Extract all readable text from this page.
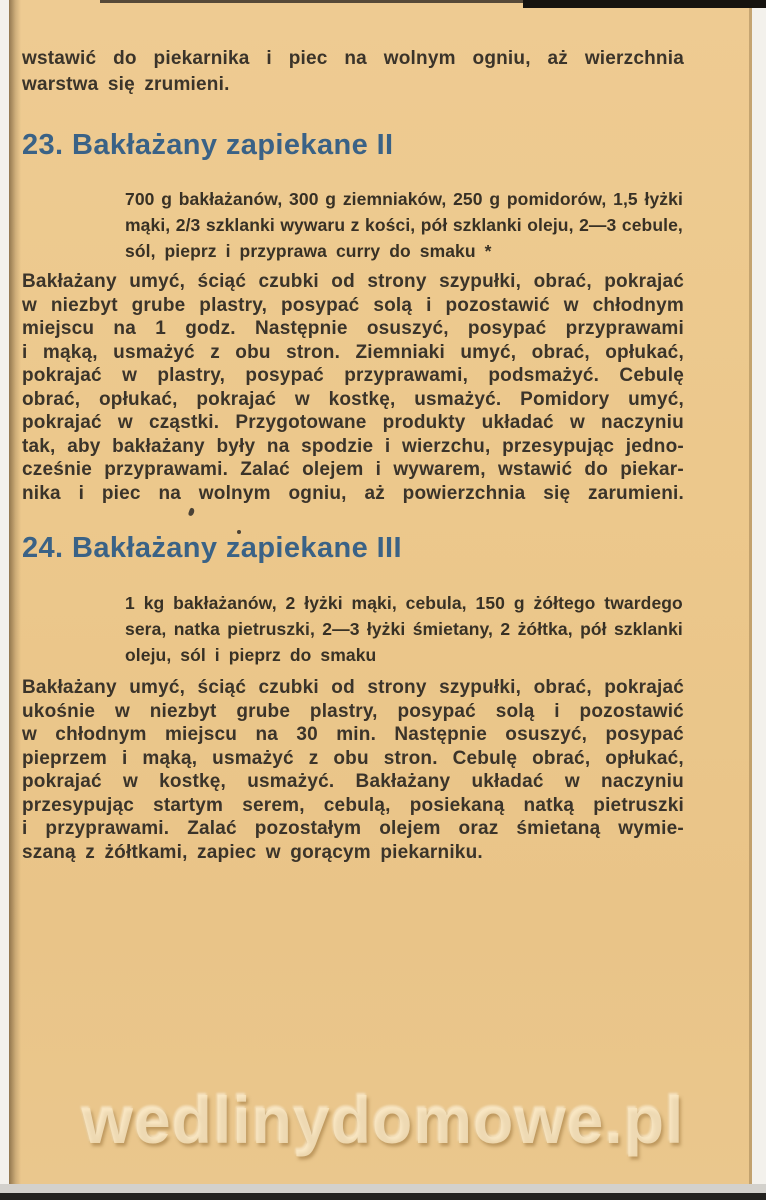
wstawić do piekarnika i piec na wolnym ogniu, aż wierzchnia
warstwa się zrumieni.
23. Bakłażany zapiekane II
700 g bakłażanów, 300 g ziemniaków, 250 g pomidorów, 1,5 łyżki
mąki, 2/3 szklanki wywaru z kości, pół szklanki oleju, 2—3 cebule,
sól, pieprz i przyprawa curry do smaku *
Bakłażany umyć, ściąć czubki od strony szypułki, obrać, pokrajać
w niezbyt grube plastry, posypać solą i pozostawić w chłodnym
miejscu na 1 godz. Następnie osuszyć, posypać przyprawami
i mąką, usmażyć z obu stron. Ziemniaki umyć, obrać, opłukać,
pokrajać w plastry, posypać przyprawami, podsmażyć. Cebulę
obrać, opłukać, pokrajać w kostkę, usmażyć. Pomidory umyć,
pokrajać w cząstki. Przygotowane produkty układać w naczyniu
tak, aby bakłażany były na spodzie i wierzchu, przesypując jedno-
cześnie przyprawami. Zalać olejem i wywarem, wstawić do piekar-
nika i piec na wolnym ogniu, aż powierzchnia się zarumieni.
24. Bakłażany zapiekane III
1 kg bakłażanów, 2 łyżki mąki, cebula, 150 g żółtego twardego
sera, natka pietruszki, 2—3 łyżki śmietany, 2 żółtka, pół szklanki
oleju, sól i pieprz do smaku
Bakłażany umyć, ściąć czubki od strony szypułki, obrać, pokrajać
ukośnie w niezbyt grube plastry, posypać solą i pozostawić
w chłodnym miejscu na 30 min. Następnie osuszyć, posypać
pieprzem i mąką, usmażyć z obu stron. Cebulę obrać, opłukać,
pokrajać w kostkę, usmażyć. Bakłażany układać w naczyniu
przesypując startym serem, cebulą, posiekaną natką pietruszki
i przyprawami. Zalać pozostałym olejem oraz śmietaną wymie-
szaną z żółtkami, zapiec w gorącym piekarniku.
wedlinydomowe.pl
